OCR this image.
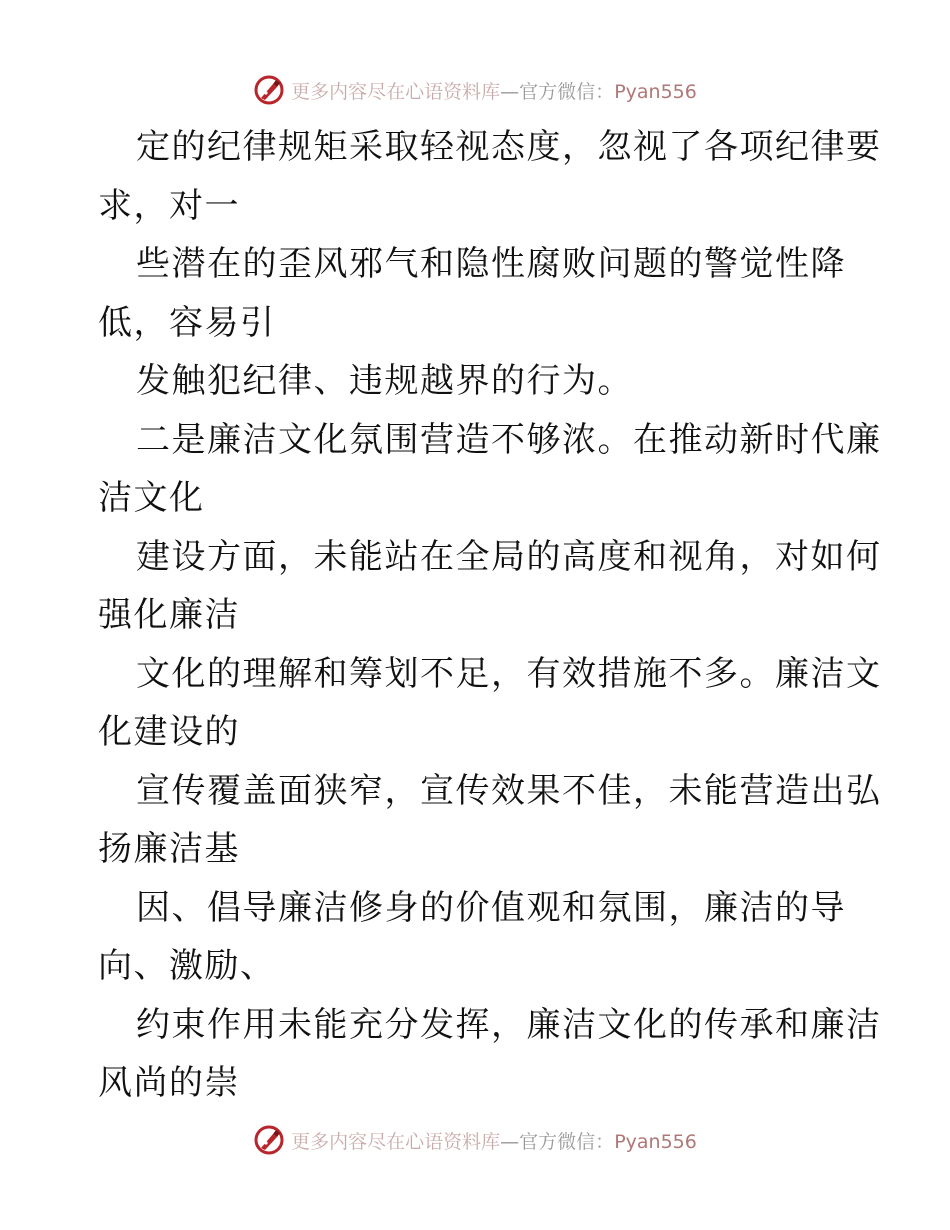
更多内容尽在心语资料库—官方微信：Pyan556
定的纪律规矩采取轻视态度，忽视了各项纪律要
求，对一
些潜在的歪风邪气和隐性腐败问题的警觉性降
低，容易引
发触犯纪律、违规越界的行为。
二是廉洁文化氛围营造不够浓。在推动新时代廉
洁文化
建设方面，未能站在全局的高度和视角，对如何
强化廉洁
文化的理解和筹划不足，有效措施不多。廉洁文
化建设的
宣传覆盖面狭窄，宣传效果不佳，未能营造出弘
扬廉洁基
因、倡导廉洁修身的价值观和氛围，廉洁的导
向、激励、
约束作用未能充分发挥，廉洁文化的传承和廉洁
风尚的崇
更多内容尽在心语资料库—官方微信：Pyan556
